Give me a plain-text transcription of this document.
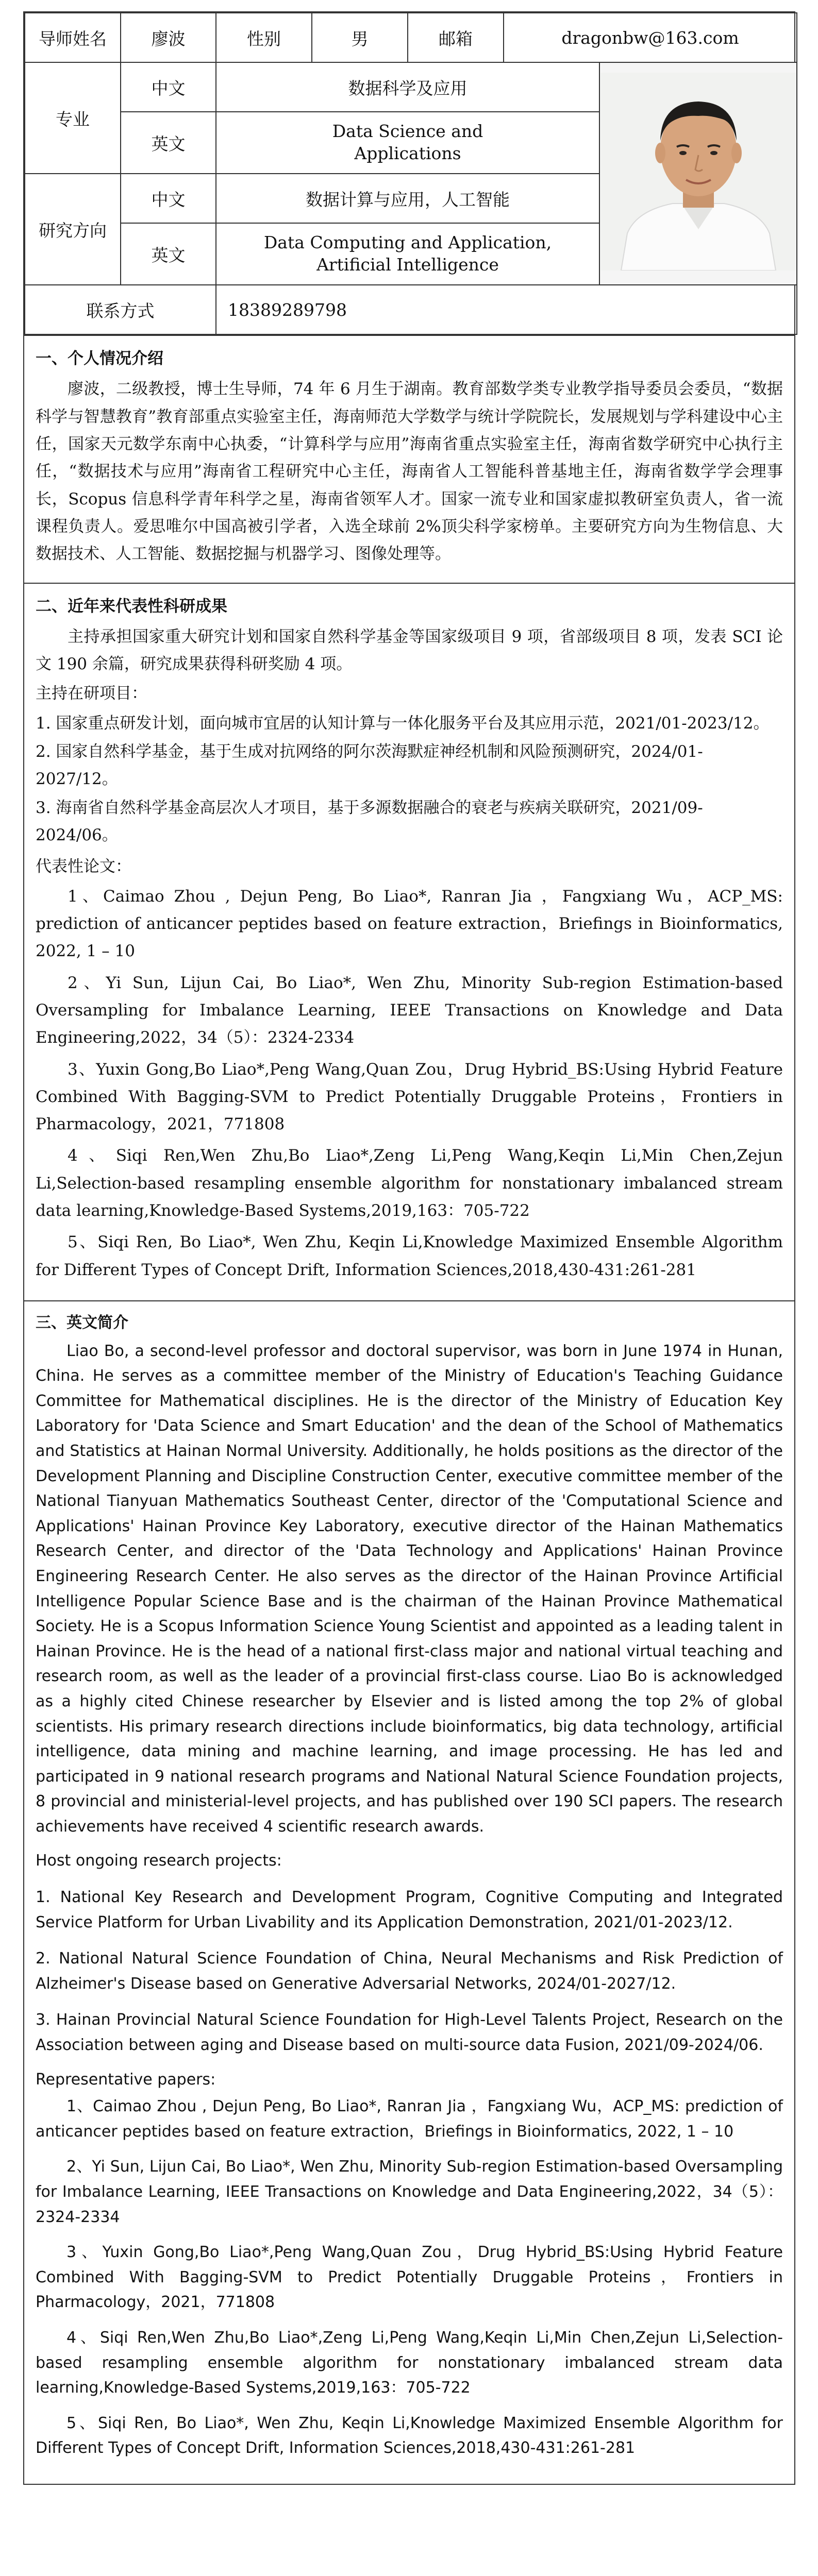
导师姓名	廖波	性别	男	邮箱	dragonbw@163.com	
专业	中文	数据科学及应用	
	英文	Data Science and Applications				

研究方向	中文	数据计算与应用，人工智能				
	英文	Data Computing and Application, Artificial Intelligence				

联系方式		18389289798				
一、个人情况介绍

廖波，二级教授，博士生导师，74 年 6 月生于湖南。教育部数学类专业教学指导委员会委员，“数据科学与智慧教育”教育部重点实验室主任，海南师范大学数学与统计学院院长，发展规划与学科建设中心主任，国家天元数学东南中心执委，“计算科学与应用”海南省重点实验室主任，海南省数学研究中心执行主任，“数据技术与应用”海南省工程研究中心主任，海南省人工智能科普基地主任，海南省数学学会理事长，Scopus 信息科学青年科学之星，海南省领军人才。国家一流专业和国家虚拟教研室负责人，省一流课程负责人。爱思唯尔中国高被引学者，入选全球前 2%顶尖科学家榜单。主要研究方向为生物信息、大数据技术、人工智能、数据挖掘与机器学习、图像处理等。

二、近年来代表性科研成果

主持承担国家重大研究计划和国家自然科学基金等国家级项目 9 项，省部级项目 8 项，发表 SCI 论文 190 余篇，研究成果获得科研奖励 4 项。

主持在研项目：

1. 国家重点研发计划，面向城市宜居的认知计算与一体化服务平台及其应用示范，2021/01-2023/12。
2. 国家自然科学基金，基于生成对抗网络的阿尔茨海默症神经机制和风险预测研究，2024/01-2027/12。
3. 海南省自然科学基金高层次人才项目，基于多源数据融合的衰老与疾病关联研究，2021/09-2024/06。

代表性论文：

1、Caimao Zhou , Dejun Peng, Bo Liao*, Ranran Jia ，Fangxiang Wu，ACP_MS: prediction of anticancer peptides based on feature extraction，Briefings in Bioinformatics, 2022, 1 – 10
2、Yi Sun, Lijun Cai, Bo Liao*, Wen Zhu, Minority Sub-region Estimation-based Oversampling for Imbalance Learning, IEEE Transactions on Knowledge and Data Engineering,2022，34（5）：2324-2334
3、Yuxin Gong,Bo Liao*,Peng Wang,Quan Zou，Drug Hybrid_BS:Using Hybrid Feature Combined With Bagging-SVM to Predict Potentially Druggable Proteins，Frontiers in Pharmacology，2021，771808
4、Siqi Ren,Wen Zhu,Bo Liao*,Zeng Li,Peng Wang,Keqin Li,Min Chen,Zejun Li,Selection-based resampling ensemble algorithm for nonstationary imbalanced stream data learning,Knowledge-Based Systems,2019,163：705-722
5、Siqi Ren, Bo Liao*, Wen Zhu, Keqin Li,Knowledge Maximized Ensemble Algorithm for Different Types of Concept Drift, Information Sciences,2018,430-431:261-281
三、英文简介

Liao Bo, a second-level professor and doctoral supervisor, was born in June 1974 in Hunan, China. He serves as a committee member of the Ministry of Education's Teaching Guidance Committee for Mathematical disciplines. He is the director of the Ministry of Education Key Laboratory for 'Data Science and Smart Education' and the dean of the School of Mathematics and Statistics at Hainan Normal University. Additionally, he holds positions as the director of the Development Planning and Discipline Construction Center, executive committee member of the National Tianyuan Mathematics Southeast Center, director of the 'Computational Science and Applications' Hainan Province Key Laboratory, executive director of the Hainan Mathematics Research Center, and director of the 'Data Technology and Applications' Hainan Province Engineering Research Center. He also serves as the director of the Hainan Province Artificial Intelligence Popular Science Base and is the chairman of the Hainan Province Mathematical Society. He is a Scopus Information Science Young Scientist and appointed as a leading talent in Hainan Province. He is the head of a national first-class major and national virtual teaching and research room, as well as the leader of a provincial first-class course. Liao Bo is acknowledged as a highly cited Chinese researcher by Elsevier and is listed among the top 2% of global scientists. His primary research directions include bioinformatics, big data technology, artificial intelligence, data mining and machine learning, and image processing. He has led and participated in 9 national research programs and National Natural Science Foundation projects, 8 provincial and ministerial-level projects, and has published over 190 SCI papers. The research achievements have received 4 scientific research awards.

Host ongoing research projects:

1. National Key Research and Development Program, Cognitive Computing and Integrated Service Platform for Urban Livability and its Application Demonstration, 2021/01-2023/12.

2. National Natural Science Foundation of China, Neural Mechanisms and Risk Prediction of Alzheimer's Disease based on Generative Adversarial Networks, 2024/01-2027/12.

3. Hainan Provincial Natural Science Foundation for High-Level Talents Project, Research on the Association between aging and Disease based on multi-source data Fusion, 2021/09-2024/06.

Representative papers:

1、Caimao Zhou , Dejun Peng, Bo Liao*, Ranran Jia ，Fangxiang Wu，ACP_MS: prediction of anticancer peptides based on feature extraction，Briefings in Bioinformatics, 2022, 1 – 10
2、Yi Sun, Lijun Cai, Bo Liao*, Wen Zhu, Minority Sub-region Estimation-based Oversampling for Imbalance Learning, IEEE Transactions on Knowledge and Data Engineering,2022，34（5）：2324-2334
3、Yuxin Gong,Bo Liao*,Peng Wang,Quan Zou，Drug Hybrid_BS:Using Hybrid Feature Combined With Bagging-SVM to Predict Potentially Druggable Proteins，Frontiers in Pharmacology，2021，771808
4、Siqi Ren,Wen Zhu,Bo Liao*,Zeng Li,Peng Wang,Keqin Li,Min Chen,Zejun Li,Selection-based resampling ensemble algorithm for nonstationary imbalanced stream data learning,Knowledge-Based Systems,2019,163：705-722
5、Siqi Ren, Bo Liao*, Wen Zhu, Keqin Li,Knowledge Maximized Ensemble Algorithm for Different Types of Concept Drift, Information Sciences,2018,430-431:261-281
